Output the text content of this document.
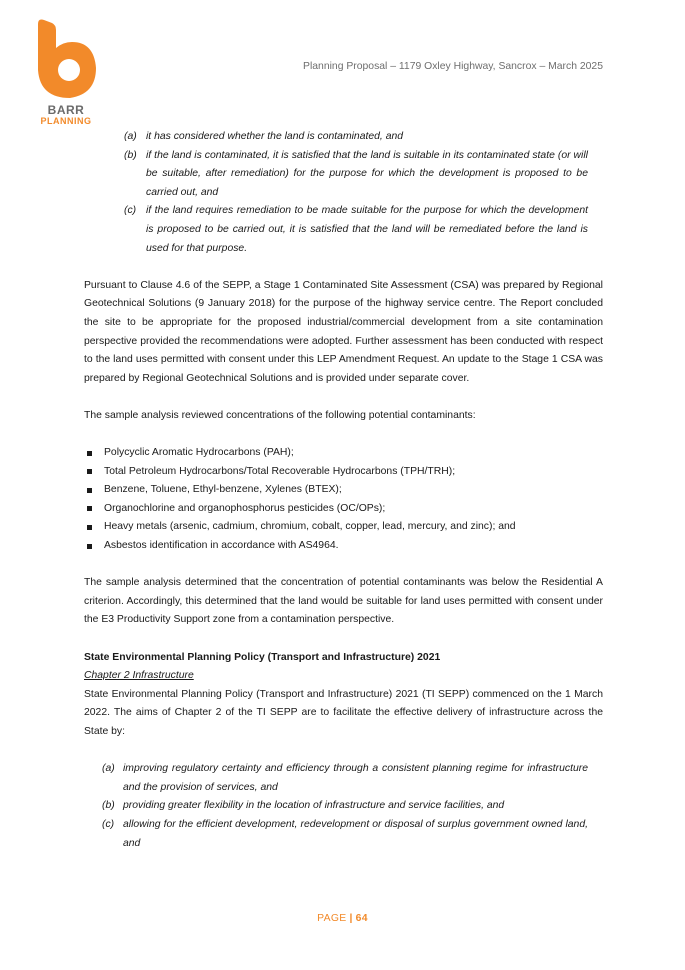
BARR
PLANNING
Planning Proposal – 1179 Oxley Highway, Sancrox – March 2025
(a) it has considered whether the land is contaminated, and
(b) if the land is contaminated, it is satisfied that the land is suitable in its contaminated state (or will be suitable, after remediation) for the purpose for which the development is proposed to be carried out, and
(c) if the land requires remediation to be made suitable for the purpose for which the development is proposed to be carried out, it is satisfied that the land will be remediated before the land is used for that purpose.

Pursuant to Clause 4.6 of the SEPP, a Stage 1 Contaminated Site Assessment (CSA) was prepared by Regional Geotechnical Solutions (9 January 2018) for the purpose of the highway service centre. The Report concluded the site to be appropriate for the proposed industrial/commercial development from a site contamination perspective provided the recommendations were adopted. Further assessment has been conducted with respect to the land uses permitted with consent under this LEP Amendment Request. An update to the Stage 1 CSA was prepared by Regional Geotechnical Solutions and is provided under separate cover.

The sample analysis reviewed concentrations of the following potential contaminants:

Polycyclic Aromatic Hydrocarbons (PAH);
Total Petroleum Hydrocarbons/Total Recoverable Hydrocarbons (TPH/TRH);
Benzene, Toluene, Ethyl-benzene, Xylenes (BTEX);
Organochlorine and organophosphorus pesticides (OC/OPs);
Heavy metals (arsenic, cadmium, chromium, cobalt, copper, lead, mercury, and zinc); and
Asbestos identification in accordance with AS4964.

The sample analysis determined that the concentration of potential contaminants was below the Residential A criterion. Accordingly, this determined that the land would be suitable for land uses permitted with consent under the E3 Productivity Support zone from a contamination perspective.

State Environmental Planning Policy (Transport and Infrastructure) 2021

Chapter 2 Infrastructure

State Environmental Planning Policy (Transport and Infrastructure) 2021 (TI SEPP) commenced on the 1 March 2022. The aims of Chapter 2 of the TI SEPP are to facilitate the effective delivery of infrastructure across the State by:

(a) improving regulatory certainty and efficiency through a consistent planning regime for infrastructure and the provision of services, and
(b) providing greater flexibility in the location of infrastructure and service facilities, and
(c) allowing for the efficient development, redevelopment or disposal of surplus government owned land, and
PAGE | 64
